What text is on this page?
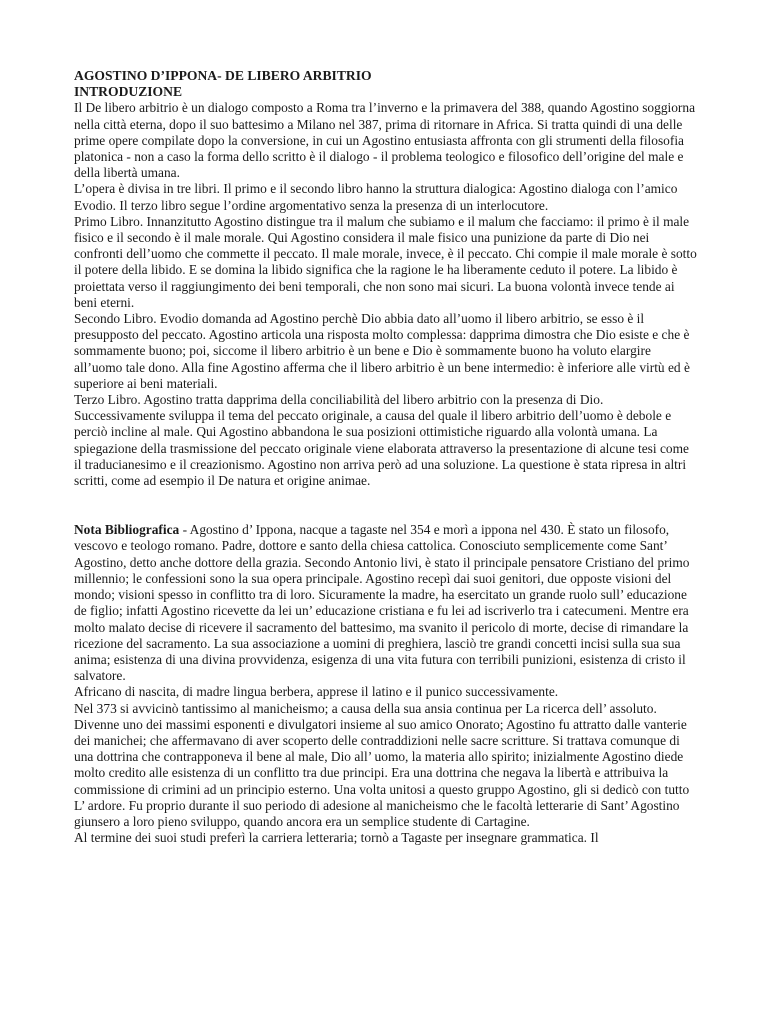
AGOSTINO D’IPPONA- DE LIBERO ARBITRIO
INTRODUZIONE

Il De libero arbitrio è un dialogo composto a Roma tra l’inverno e la primavera del 388, quando Agostino soggiorna nella città eterna, dopo il suo battesimo a Milano nel 387, prima di ritornare in Africa. Si tratta quindi di una delle prime opere compilate dopo la conversione, in cui un Agostino entusiasta affronta con gli strumenti della filosofia platonica - non a caso la forma dello scritto è il dialogo - il problema teologico e filosofico dell’origine del male e della libertà umana.

L’opera è divisa in tre libri. Il primo e il secondo libro hanno la struttura dialogica: Agostino dialoga con l’amico Evodio. Il terzo libro segue l’ordine argomentativo senza la presenza di un interlocutore.

Primo Libro. Innanzitutto Agostino distingue tra il malum che subiamo e il malum che facciamo: il primo è il male fisico e il secondo è il male morale. Qui Agostino considera il male fisico una punizione da parte di Dio nei confronti dell’uomo che commette il peccato. Il male morale, invece, è il peccato. Chi compie il male morale è sotto il potere della libido. E se domina la libido significa che la ragione le ha liberamente ceduto il potere. La libido è proiettata verso il raggiungimento dei beni temporali, che non sono mai sicuri. La buona volontà invece tende ai beni eterni.

Secondo Libro. Evodio domanda ad Agostino perchè Dio abbia dato all’uomo il libero arbitrio, se esso è il presupposto del peccato. Agostino articola una risposta molto complessa: dapprima dimostra che Dio esiste e che è sommamente buono; poi, siccome il libero arbitrio è un bene e Dio è sommamente buono ha voluto elargire all’uomo tale dono. Alla fine Agostino afferma che il libero arbitrio è un bene intermedio: è inferiore alle virtù ed è superiore ai beni materiali.

Terzo Libro. Agostino tratta dapprima della conciliabilità del libero arbitrio con la presenza di Dio. Successivamente sviluppa il tema del peccato originale, a causa del quale il libero arbitrio dell’uomo è debole e perciò incline al male. Qui Agostino abbandona le sua posizioni ottimistiche riguardo alla volontà umana. La spiegazione della trasmissione del peccato originale viene elaborata attraverso la presentazione di alcune tesi come il traducianesimo e il creazionismo. Agostino non arriva però ad una soluzione. La questione è stata ripresa in altri scritti, come ad esempio il De natura et origine animae.

Nota Bibliografica - Agostino d’ Ippona, nacque a tagaste nel 354 e morì a ippona nel 430. È stato un filosofo, vescovo e teologo romano. Padre, dottore e santo della chiesa cattolica. Conosciuto semplicemente come Sant’ Agostino, detto anche dottore della grazia. Secondo Antonio livi, è stato il principale pensatore Cristiano del primo millennio; le confessioni sono la sua opera principale. Agostino recepì dai suoi genitori, due opposte visioni del mondo; visioni spesso in conflitto tra di loro. Sicuramente la madre, ha esercitato un grande ruolo sull’ educazione de figlio; infatti Agostino ricevette da lei un’ educazione cristiana e fu lei ad iscriverlo tra i catecumeni. Mentre era molto malato decise di ricevere il sacramento del battesimo, ma svanito il pericolo di morte, decise di rimandare la ricezione del sacramento. La sua associazione a uomini di preghiera, lasciò tre grandi concetti incisi sulla sua sua anima; esistenza di una divina provvidenza, esigenza di una vita futura con terribili punizioni, esistenza di cristo il salvatore.

Africano di nascita, di madre lingua berbera, apprese il latino e il punico successivamente.

Nel 373 si avvicinò tantissimo al manicheismo; a causa della sua ansia continua per La ricerca dell’ assoluto. Divenne uno dei massimi esponenti e divulgatori insieme al suo amico Onorato; Agostino fu attratto dalle vanterie dei manichei; che affermavano di aver scoperto delle contraddizioni nelle sacre scritture. Si trattava comunque di una dottrina che contrapponeva il bene al male, Dio all’ uomo, la materia allo spirito; inizialmente Agostino diede molto credito alle esistenza di un conflitto tra due principi. Era una dottrina che negava la libertà e attribuiva la commissione di crimini ad un principio esterno. Una volta unitosi a questo gruppo Agostino, gli si dedicò con tutto L’ ardore. Fu proprio durante il suo periodo di adesione al manicheismo che le facoltà letterarie di Sant’ Agostino giunsero a loro pieno sviluppo, quando ancora era un semplice studente di Cartagine.

Al termine dei suoi studi preferì la carriera letteraria; tornò a Tagaste per insegnare grammatica. Il
